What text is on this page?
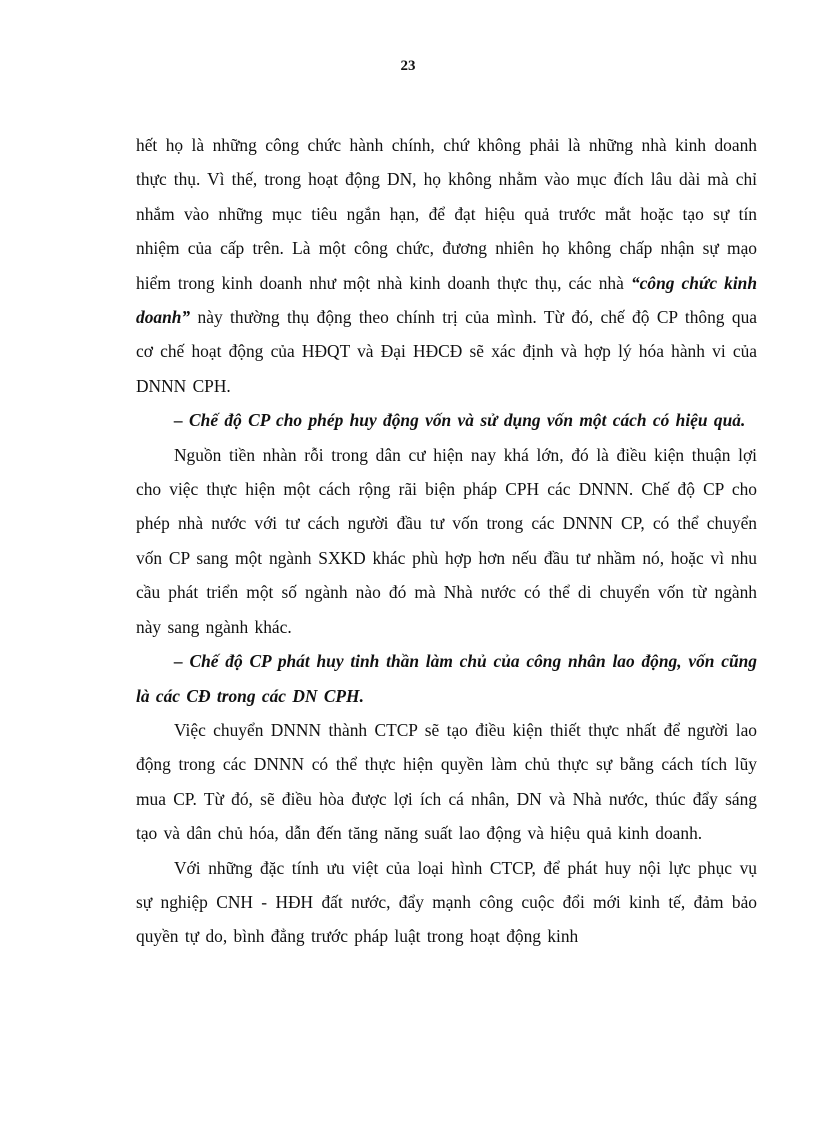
23

hết họ là những công chức hành chính, chứ không phải là những nhà kinh doanh thực thụ. Vì thế, trong hoạt động DN, họ không nhằm vào mục đích lâu dài mà chỉ nhắm vào những mục tiêu ngắn hạn, để đạt hiệu quả trước mắt hoặc tạo sự tín nhiệm của cấp trên. Là một công chức, đương nhiên họ không chấp nhận sự mạo hiểm trong kinh doanh như một nhà kinh doanh thực thụ, các nhà “công chức kinh doanh” này thường thụ động theo chính trị của mình. Từ đó, chế độ CP thông qua cơ chế hoạt động của HĐQT và Đại HĐCĐ sẽ xác định và hợp lý hóa hành vi của DNNN CPH.

– Chế độ CP cho phép huy động vốn và sử dụng vốn một cách có hiệu quả.

Nguồn tiền nhàn rỗi trong dân cư hiện nay khá lớn, đó là điều kiện thuận lợi cho việc thực hiện một cách rộng rãi biện pháp CPH các DNNN. Chế độ CP cho phép nhà nước với tư cách người đầu tư vốn trong các DNNN CP, có thể chuyển vốn CP sang một ngành SXKD khác phù hợp hơn nếu đầu tư nhầm nó, hoặc vì nhu cầu phát triển một số ngành nào đó mà Nhà nước có thể di chuyển vốn từ ngành này sang ngành khác.

– Chế độ CP phát huy tinh thần làm chủ của công nhân lao động, vốn cũng là các CĐ trong các DN CPH.

Việc chuyển DNNN thành CTCP sẽ tạo điều kiện thiết thực nhất để người lao động trong các DNNN có thể thực hiện quyền làm chủ thực sự bằng cách tích lũy mua CP. Từ đó, sẽ điều hòa được lợi ích cá nhân, DN và Nhà nước, thúc đẩy sáng tạo và dân chủ hóa, dẫn đến tăng năng suất lao động và hiệu quả kinh doanh.

Với những đặc tính ưu việt của loại hình CTCP, để phát huy nội lực phục vụ sự nghiệp CNH - HĐH đất nước, đẩy mạnh công cuộc đổi mới kinh tế, đảm bảo quyền tự do, bình đẳng trước pháp luật trong hoạt động kinh
